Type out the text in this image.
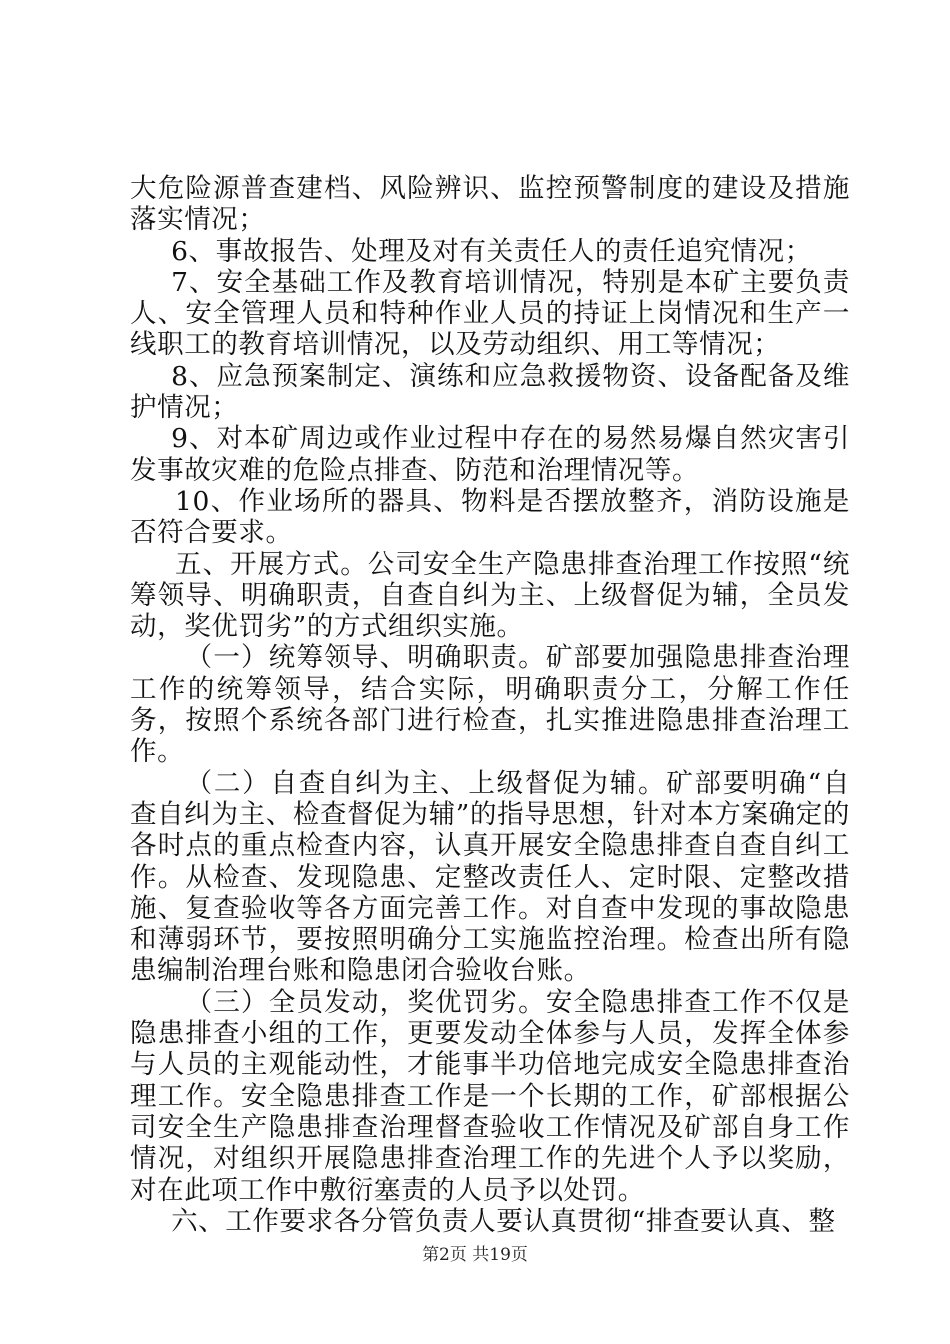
大危险源普查建档、风险辨识、监控预警制度的建设及措施落实情况；

6、事故报告、处理及对有关责任人的责任追究情况；

7、安全基础工作及教育培训情况，特别是本矿主要负责人、安全管理人员和特种作业人员的持证上岗情况和生产一线职工的教育培训情况，以及劳动组织、用工等情况；

8、应急预案制定、演练和应急救援物资、设备配备及维护情况；

9、对本矿周边或作业过程中存在的易然易爆自然灾害引发事故灾难的危险点排查、防范和治理情况等。

10、作业场所的器具、物料是否摆放整齐，消防设施是否符合要求。

五、开展方式。公司安全生产隐患排查治理工作按照“统筹领导、明确职责，自查自纠为主、上级督促为辅，全员发动，奖优罚劣”的方式组织实施。

（一）统筹领导、明确职责。矿部要加强隐患排查治理工作的统筹领导，结合实际，明确职责分工，分解工作任务，按照个系统各部门进行检查，扎实推进隐患排查治理工作。

（二）自查自纠为主、上级督促为辅。矿部要明确“自查自纠为主、检查督促为辅”的指导思想，针对本方案确定的各时点的重点检查内容，认真开展安全隐患排查自查自纠工作。从检查、发现隐患、定整改责任人、定时限、定整改措施、复查验收等各方面完善工作。对自查中发现的事故隐患和薄弱环节，要按照明确分工实施监控治理。检查出所有隐患编制治理台账和隐患闭合验收台账。

（三）全员发动，奖优罚劣。安全隐患排查工作不仅是隐患排查小组的工作，更要发动全体参与人员，发挥全体参与人员的主观能动性，才能事半功倍地完成安全隐患排查治理工作。安全隐患排查工作是一个长期的工作，矿部根据公司安全生产隐患排查治理督查验收工作情况及矿部自身工作情况，对组织开展隐患排查治理工作的先进个人予以奖励，对在此项工作中敷衍塞责的人员予以处罚。

六、工作要求各分管负责人要认真贯彻“排查要认真、整

第2页 共19页
